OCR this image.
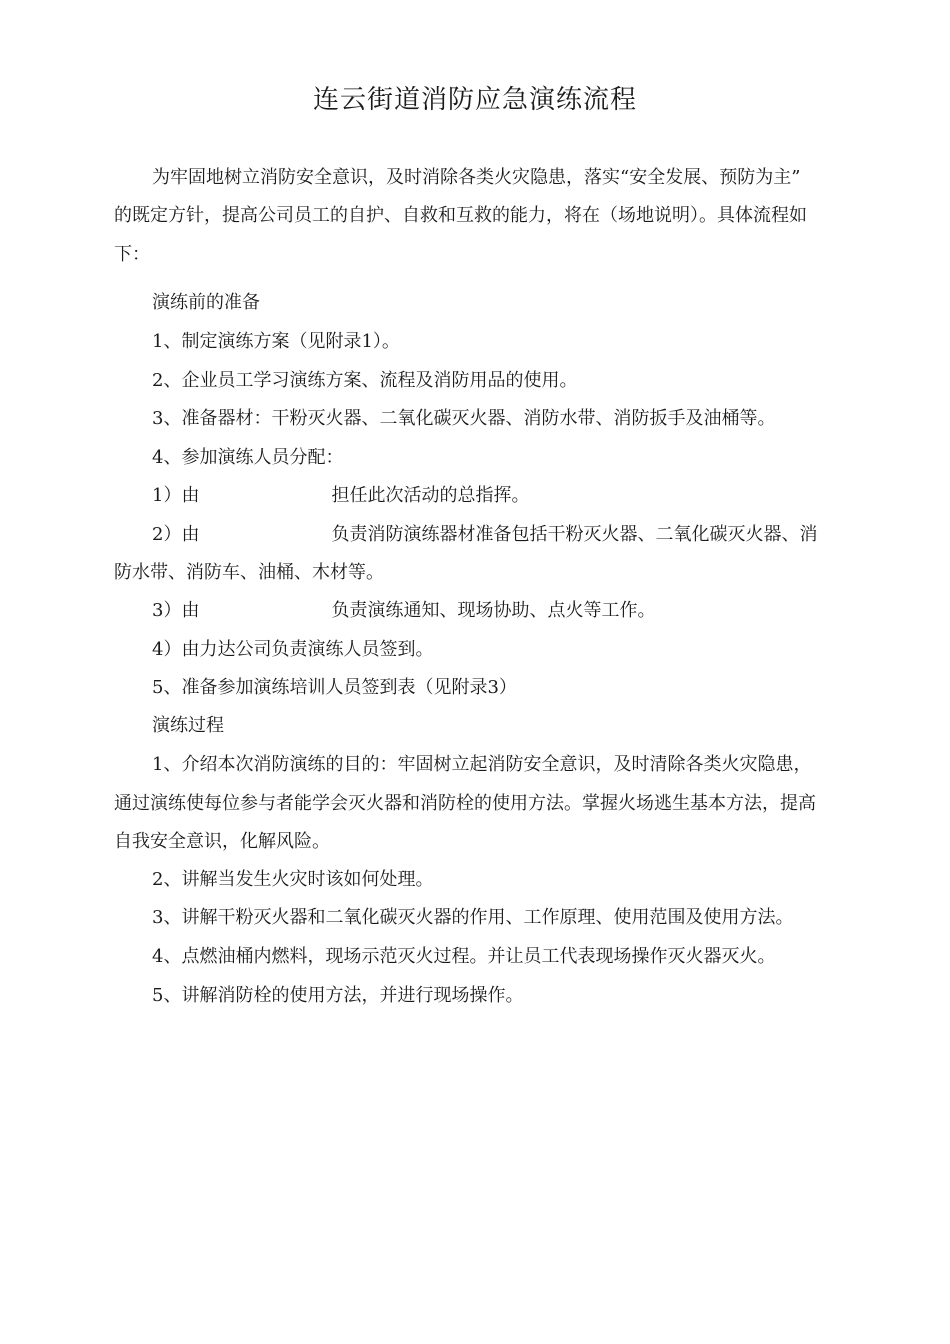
连云街道消防应急演练流程
为牢固地树立消防安全意识，及时消除各类火灾隐患，落实“安全发展、预防为主”
的既定方针，提高公司员工的自护、自救和互救的能力，将在（场地说明）。具体流程如
下：
演练前的准备
1、制定演练方案（见附录1）。
2、企业员工学习演练方案、流程及消防用品的使用。
3、准备器材：干粉灭火器、二氧化碳灭火器、消防水带、消防扳手及油桶等。
4、参加演练人员分配：
1）由	担任此次活动的总指挥。
2）由	负责消防演练器材准备包括干粉灭火器、二氧化碳灭火器、消
防水带、消防车、油桶、木材等。
3）由	负责演练通知、现场协助、点火等工作。
4）由力达公司负责演练人员签到。
5、准备参加演练培训人员签到表（见附录3）
演练过程
1、介绍本次消防演练的目的：牢固树立起消防安全意识，及时清除各类火灾隐患，
通过演练使每位参与者能学会灭火器和消防栓的使用方法。掌握火场逃生基本方法，提高
自我安全意识，化解风险。
2、讲解当发生火灾时该如何处理。
3、讲解干粉灭火器和二氧化碳灭火器的作用、工作原理、使用范围及使用方法。
4、点燃油桶内燃料，现场示范灭火过程。并让员工代表现场操作灭火器灭火。
5、讲解消防栓的使用方法，并进行现场操作。
